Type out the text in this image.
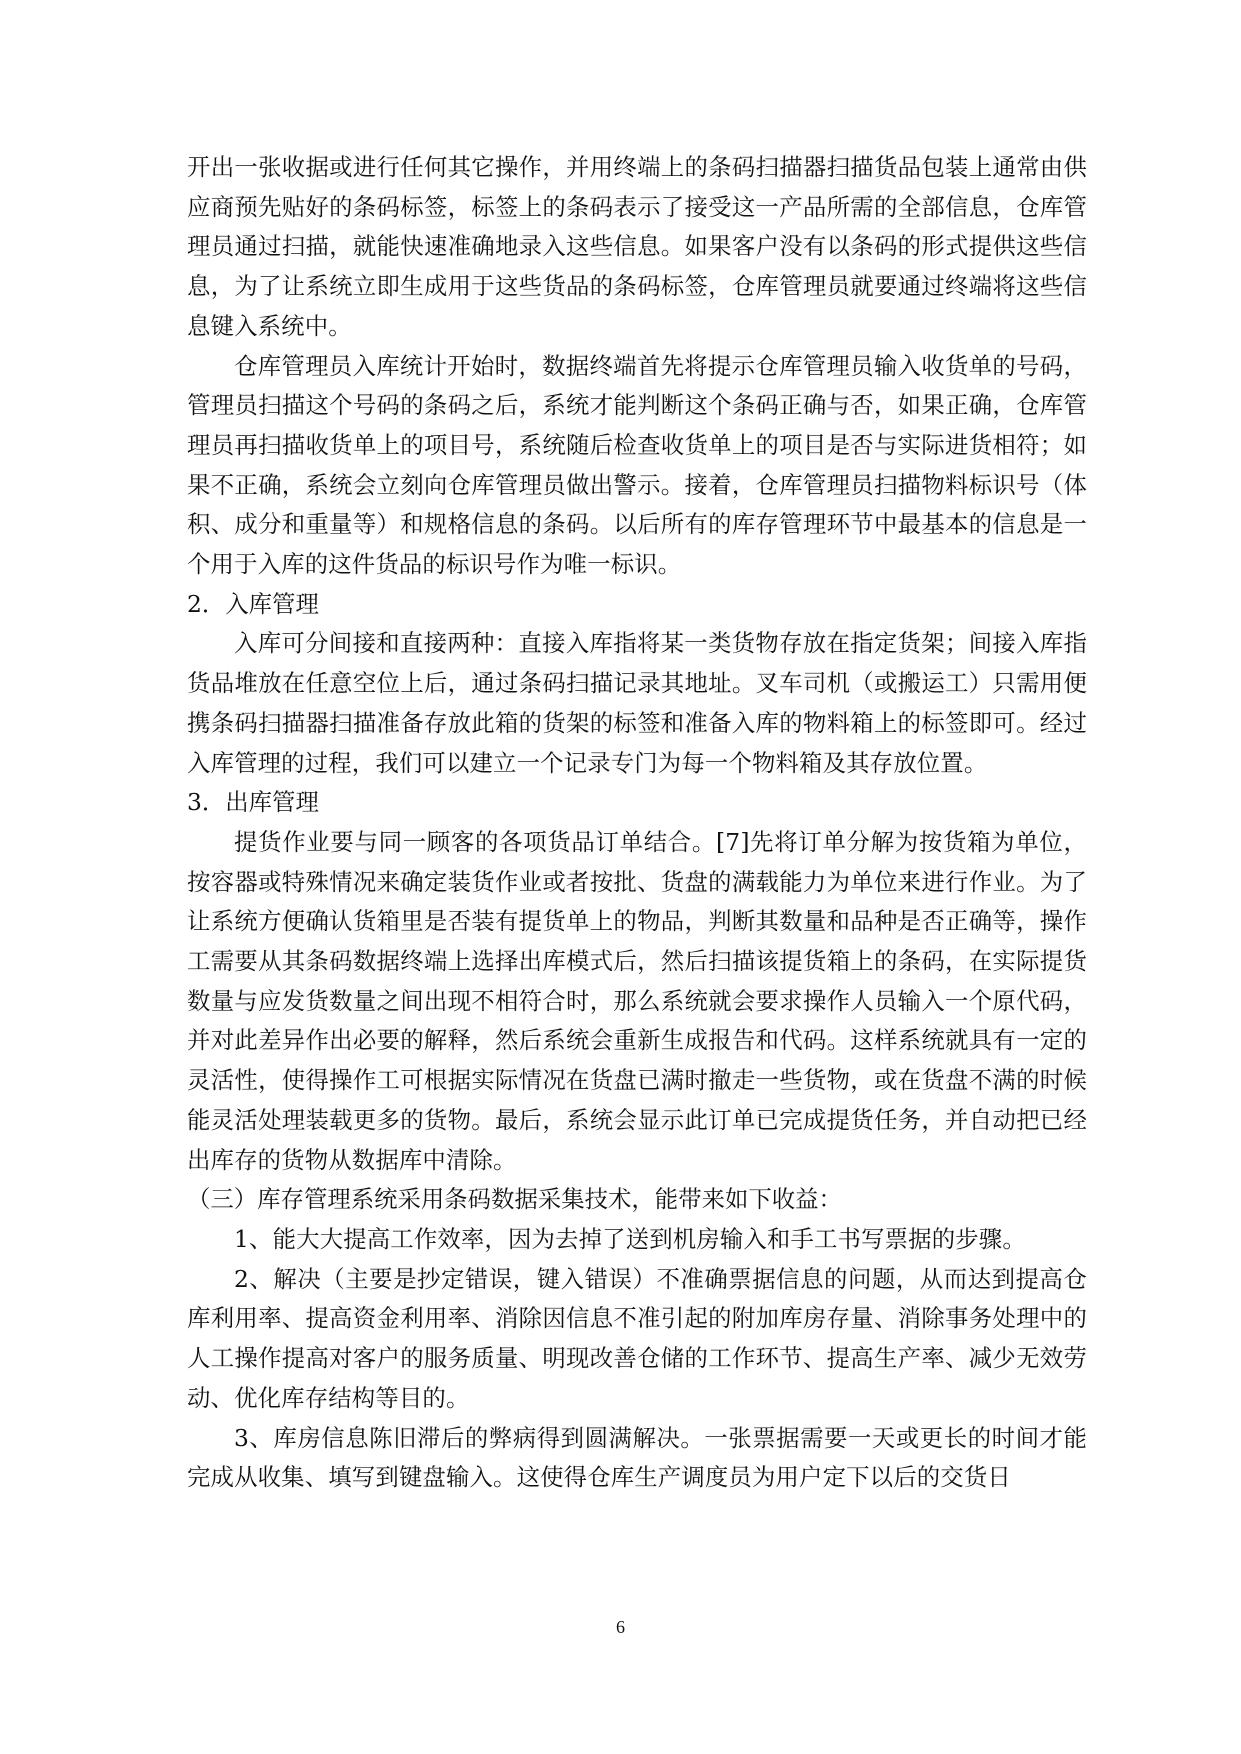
开出一张收据或进行任何其它操作，并用终端上的条码扫描器扫描货品包装上通常由供应商预先贴好的条码标签，标签上的条码表示了接受这一产品所需的全部信息，仓库管理员通过扫描，就能快速准确地录入这些信息。如果客户没有以条码的形式提供这些信息，为了让系统立即生成用于这些货品的条码标签，仓库管理员就要通过终端将这些信息键入系统中。

仓库管理员入库统计开始时，数据终端首先将提示仓库管理员输入收货单的号码，管理员扫描这个号码的条码之后，系统才能判断这个条码正确与否，如果正确，仓库管理员再扫描收货单上的项目号，系统随后检查收货单上的项目是否与实际进货相符；如果不正确，系统会立刻向仓库管理员做出警示。接着，仓库管理员扫描物料标识号（体积、成分和重量等）和规格信息的条码。以后所有的库存管理环节中最基本的信息是一个用于入库的这件货品的标识号作为唯一标识。

2．入库管理

入库可分间接和直接两种：直接入库指将某一类货物存放在指定货架；间接入库指货品堆放在任意空位上后，通过条码扫描记录其地址。叉车司机（或搬运工）只需用便携条码扫描器扫描准备存放此箱的货架的标签和准备入库的物料箱上的标签即可。经过入库管理的过程，我们可以建立一个记录专门为每一个物料箱及其存放位置。

3．出库管理

提货作业要与同一顾客的各项货品订单结合。[7]先将订单分解为按货箱为单位，按容器或特殊情况来确定装货作业或者按批、货盘的满载能力为单位来进行作业。为了让系统方便确认货箱里是否装有提货单上的物品，判断其数量和品种是否正确等，操作工需要从其条码数据终端上选择出库模式后，然后扫描该提货箱上的条码，在实际提货数量与应发货数量之间出现不相符合时，那么系统就会要求操作人员输入一个原代码，并对此差异作出必要的解释，然后系统会重新生成报告和代码。这样系统就具有一定的灵活性，使得操作工可根据实际情况在货盘已满时撤走一些货物，或在货盘不满的时候能灵活处理装载更多的货物。最后，系统会显示此订单已完成提货任务，并自动把已经出库存的货物从数据库中清除。

（三）库存管理系统采用条码数据采集技术，能带来如下收益：

1、能大大提高工作效率，因为去掉了送到机房输入和手工书写票据的步骤。

2、解决（主要是抄定错误，键入错误）不准确票据信息的问题，从而达到提高仓库利用率、提高资金利用率、消除因信息不准引起的附加库房存量、消除事务处理中的人工操作提高对客户的服务质量、明现改善仓储的工作环节、提高生产率、减少无效劳动、优化库存结构等目的。

3、库房信息陈旧滞后的弊病得到圆满解决。一张票据需要一天或更长的时间才能完成从收集、填写到键盘输入。这使得仓库生产调度员为用户定下以后的交货日

6
